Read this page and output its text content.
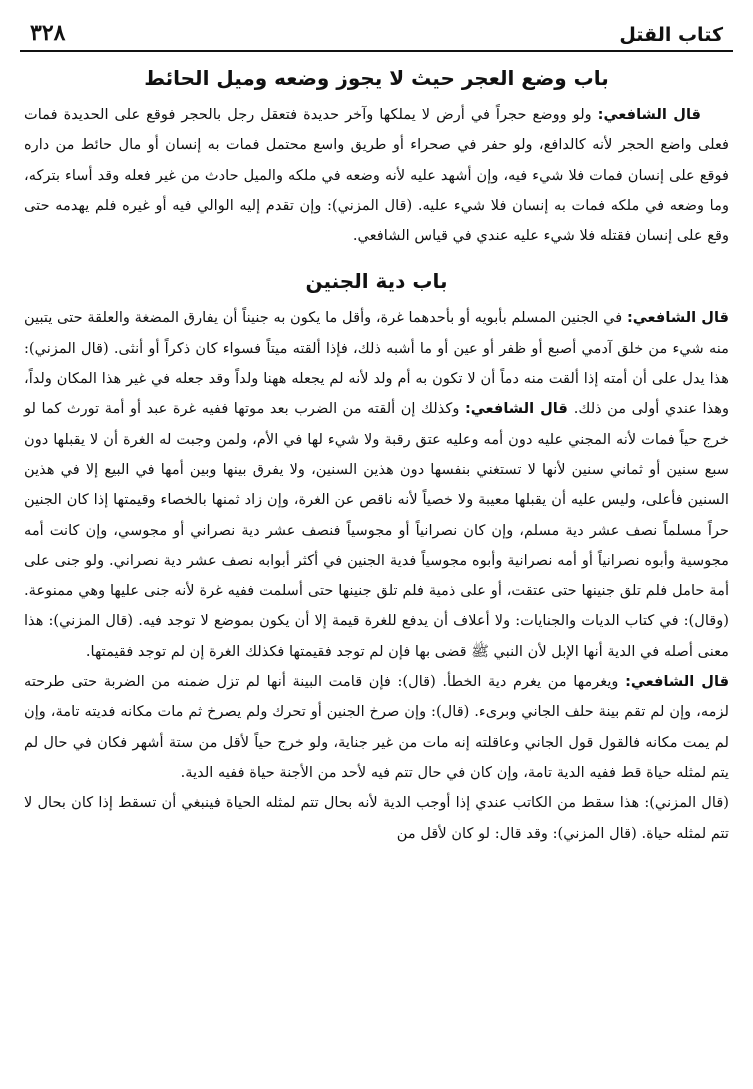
كتاب القتل
٣٢٨
باب وضع العجر حيث لا يجوز وضعه وميل الحائط

قال الشافعي: ولو ووضع حجراً في أرض لا يملكها وآخر حديدة فتعقل رجل بالحجر فوقع على الحديدة فمات فعلى واضع الحجر لأنه كالدافع، ولو حفر في صحراء أو طريق واسع محتمل فمات به إنسان أو مال حائط من داره فوقع على إنسان فمات فلا شيء فيه، وإن أشهد عليه لأنه وضعه في ملكه والميل حادث من غير فعله وقد أساء بتركه، وما وضعه في ملكه فمات به إنسان فلا شيء عليه. (قال المزني): وإن تقدم إليه الوالي فيه أو غيره فلم يهدمه حتى وقع على إنسان فقتله فلا شيء عليه عندي في قياس الشافعي.

باب دية الجنين

قال الشافعي: في الجنين المسلم بأبويه أو بأحدهما غرة، وأقل ما يكون به جنيناً أن يفارق المضغة والعلقة حتى يتبين منه شيء من خلق آدمي أصبع أو ظفر أو عين أو ما أشبه ذلك، فإذا ألقته ميتاً فسواء كان ذكراً أو أنثى. (قال المزني): هذا يدل على أن أمته إذا ألقت منه دماً أن لا تكون به أم ولد لأنه لم يجعله ههنا ولداً وقد جعله في غير هذا المكان ولداً، وهذا عندي أولى من ذلك. قال الشافعي: وكذلك إن ألقته من الضرب بعد موتها ففيه غرة عبد أو أمة تورث كما لو خرج حياً فمات لأنه المجني عليه دون أمه وعليه عتق رقبة ولا شيء لها في الأم، ولمن وجبت له الغرة أن لا يقبلها دون سبع سنين أو ثماني سنين لأنها لا تستغني بنفسها دون هذين السنين، ولا يفرق بينها وبين أمها في البيع إلا في هذين السنين فأعلى، وليس عليه أن يقبلها معيبة ولا خصياً لأنه ناقص عن الغرة، وإن زاد ثمنها بالخصاء وقيمتها إذا كان الجنين حراً مسلماً نصف عشر دية مسلم، وإن كان نصرانياً أو مجوسياً فنصف عشر دية نصراني أو مجوسي، وإن كانت أمه مجوسية وأبوه نصرانياً أو أمه نصرانية وأبوه مجوسياً فدية الجنين في أكثر أبوابه نصف عشر دية نصراني. ولو جنى على أمة حامل فلم تلق جنينها حتى عتقت، أو على ذمية فلم تلق جنينها حتى أسلمت ففيه غرة لأنه جنى عليها وهي ممنوعة. (وقال): في كتاب الديات والجنايات: ولا أعلاف أن يدفع للغرة قيمة إلا أن يكون بموضع لا توجد فيه. (قال المزني): هذا معنى أصله في الدية أنها الإبل لأن النبي ﷺ قضى بها فإن لم توجد فقيمتها فكذلك الغرة إن لم توجد فقيمتها.

قال الشافعي: ويغرمها من يغرم دية الخطأ. (قال): فإن قامت البينة أنها لم تزل ضمنه من الضربة حتى طرحته لزمه، وإن لم تقم بينة حلف الجاني وبرىء. (قال): وإن صرخ الجنين أو تحرك ولم يصرخ ثم مات مكانه فديته تامة، وإن لم يمت مكانه فالقول قول الجاني وعاقلته إنه مات من غير جناية، ولو خرج حياً لأقل من ستة أشهر فكان في حال لم يتم لمثله حياة قط ففيه الدية تامة، وإن كان في حال تتم فيه لأحد من الأجنة حياة ففيه الدية.

(قال المزني): هذا سقط من الكاتب عندي إذا أوجب الدية لأنه بحال تتم لمثله الحياة فينبغي أن تسقط إذا كان بحال لا تتم لمثله حياة. (قال المزني): وقد قال: لو كان لأقل من
